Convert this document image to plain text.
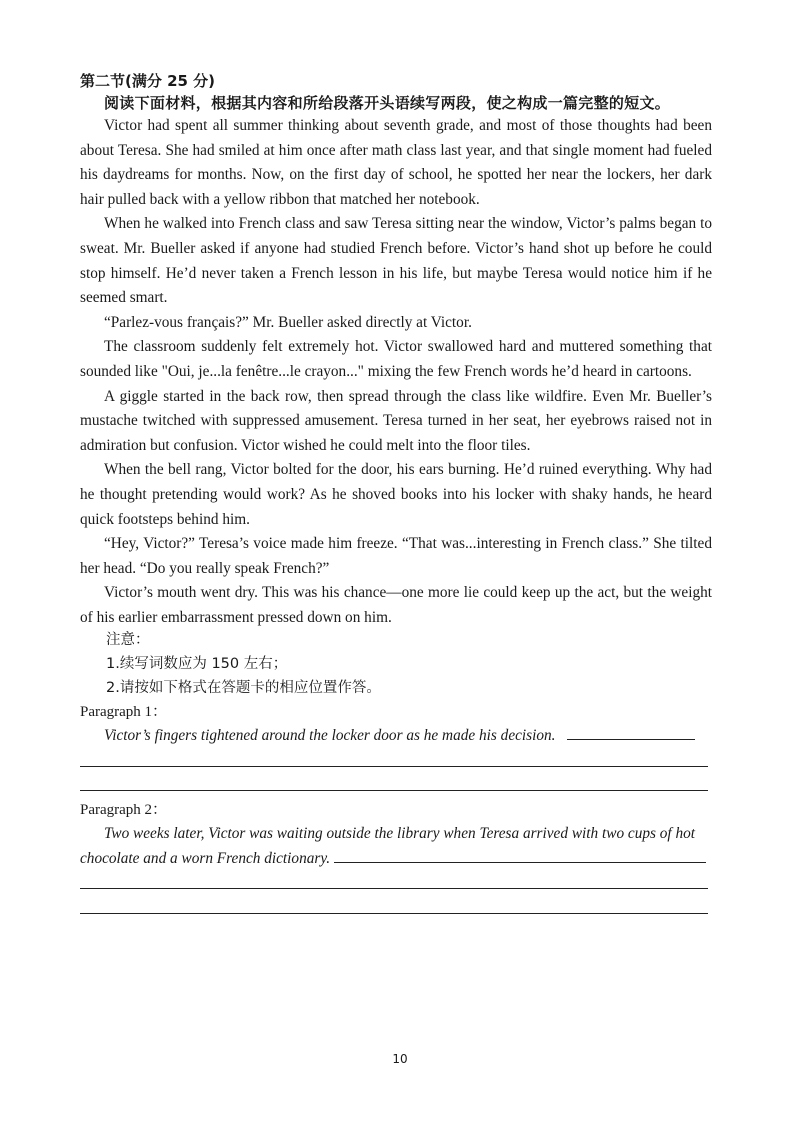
第二节(满分 25 分)
阅读下面材料，根据其内容和所给段落开头语续写两段，使之构成一篇完整的短文。

Victor had spent all summer thinking about seventh grade, and most of those thoughts had been about Teresa. She had smiled at him once after math class last year, and that single moment had fueled his daydreams for months. Now, on the first day of school, he spotted her near the lockers, her dark hair pulled back with a yellow ribbon that matched her notebook.

When he walked into French class and saw Teresa sitting near the window, Victor’s palms began to sweat. Mr. Bueller asked if anyone had studied French before. Victor’s hand shot up before he could stop himself. He’d never taken a French lesson in his life, but maybe Teresa would notice him if he seemed smart.

“Parlez-vous français?” Mr. Bueller asked directly at Victor.

The classroom suddenly felt extremely hot. Victor swallowed hard and muttered something that sounded like "Oui, je...la fenêtre...le crayon..." mixing the few French words he’d heard in cartoons.

A giggle started in the back row, then spread through the class like wildfire. Even Mr. Bueller’s mustache twitched with suppressed amusement. Teresa turned in her seat, her eyebrows raised not in admiration but confusion. Victor wished he could melt into the floor tiles.

When the bell rang, Victor bolted for the door, his ears burning. He’d ruined everything. Why had he thought pretending would work? As he shoved books into his locker with shaky hands, he heard quick footsteps behind him.

“Hey, Victor?” Teresa’s voice made him freeze. “That was...interesting in French class.” She tilted her head. “Do you really speak French?”

Victor’s mouth went dry. This was his chance—one more lie could keep up the act, but the weight of his earlier embarrassment pressed down on him.

注意：
1.续写词数应为 150 左右；
2.请按如下格式在答题卡的相应位置作答。
Paragraph 1：
Victor’s fingers tightened around the locker door as he made his decision.
Paragraph 2：
Two weeks later, Victor was waiting outside the library when Teresa arrived with two cups of hot chocolate and a worn French dictionary.
10
